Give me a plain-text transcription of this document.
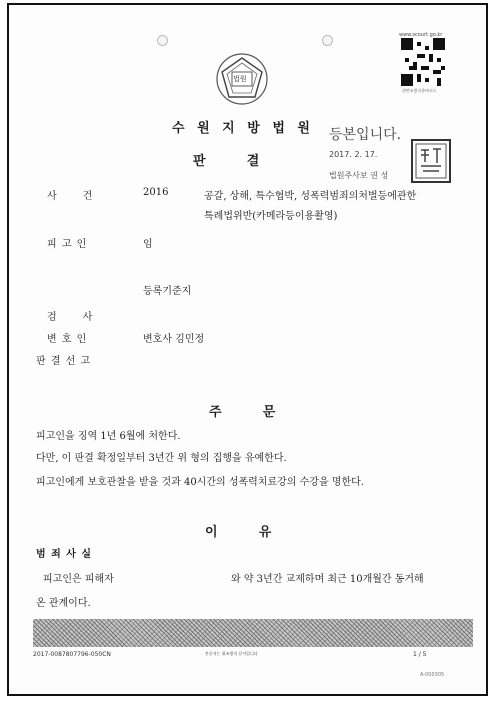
법원
www.scourt.go.kr
위변조방지용바코드
수 원 지 방 법 원
판      결
등본입니다.
2017. 2. 17.
법원주사보 권 성
사      건	2016	공갈, 상해, 특수협박, 성폭력범죄의처벌등에관한
특례법위반(카메라등이용촬영)
피 고 인	임
등록기준지
검      사
변 호 인	변호사 김민정
판 결 선 고
주      문
피고인을 징역 1년 6월에 처한다.
다만, 이 판결 확정일부터 3년간 위 형의 집행을 유예한다.
피고인에게 보호관찰을 받을 것과 40시간의 성폭력치료강의 수강을 명한다.
이      유
범 죄 사 실
피고인은 피해자	와 약 3년간 교제하며 최근 10개월간 동거해
온 관계이다.
2017-0087807796-050CN	본문서는 위조방지 문서입니다	1 / 5
A-000305
